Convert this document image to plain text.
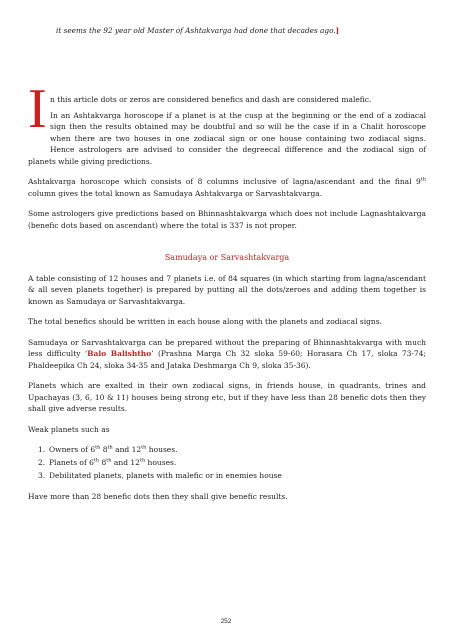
it seems the 92 year old Master of Ashtakvarga had done that decades ago.]
I n this article dots or zeros are considered benefics and dash are considered malefic.

In an Ashtakvarga horoscope if a planet is at the cusp at the beginning or the end of a zodiacal sign then the results obtained may be doubtful and so will be the case if in a Chalit horoscope when there are two houses in one zodiacal sign or one house containing two zodiacal signs. Hence astrologers are advised to consider the degreecal difference and the zodiacal sign of planets while giving predictions.

Ashtakvarga horoscope which consists of 8 columns inclusive of lagna/ascendant and the final 9th column gives the total known as Samudaya Ashtakvarga or Sarvashtakvarga.

Some astrologers give predictions based on Bhinnashtakvarga which does not include Lagnashtakvarga (benefic dots based on ascendant) where the total is 337 is not proper.

Samudaya or Sarvashtakvarga

A table consisting of 12 houses and 7 planets i.e. of 84 squares (in which starting from lagna/ascendant & all seven planets together) is prepared by putting all the dots/zeroes and adding them together is known as Samudaya or Sarvashtakvarga.

The total benefics should be written in each house along with the planets and zodiacal signs.

Samudaya or Sarvashtakvarga can be prepared without the preparing of Bhinnashtakvarga with much less difficulty ‘Balo Balishtho’ (Prashna Marga Ch 32 sloka 59-60; Horasara Ch 17, sloka 73-74; Phaldeepika Ch 24, sloka 34-35 and Jataka Deshmarga Ch 9, sloka 35-36).

Planets which are exalted in their own zodiacal signs, in friends house, in quadrants, trines and Upachayas (3, 6, 10 & 11) houses being strong etc, but if they have less than 28 benefic dots then they shall give adverse results.

Weak planets such as

1. Owners of 6th 8th and 12th houses.
2. Planets of 6th 8th and 12th houses.
3. Debilitated planets, planets with malefic or in enemies house

Have more than 28 benefic dots then they shall give benefic results.

252
